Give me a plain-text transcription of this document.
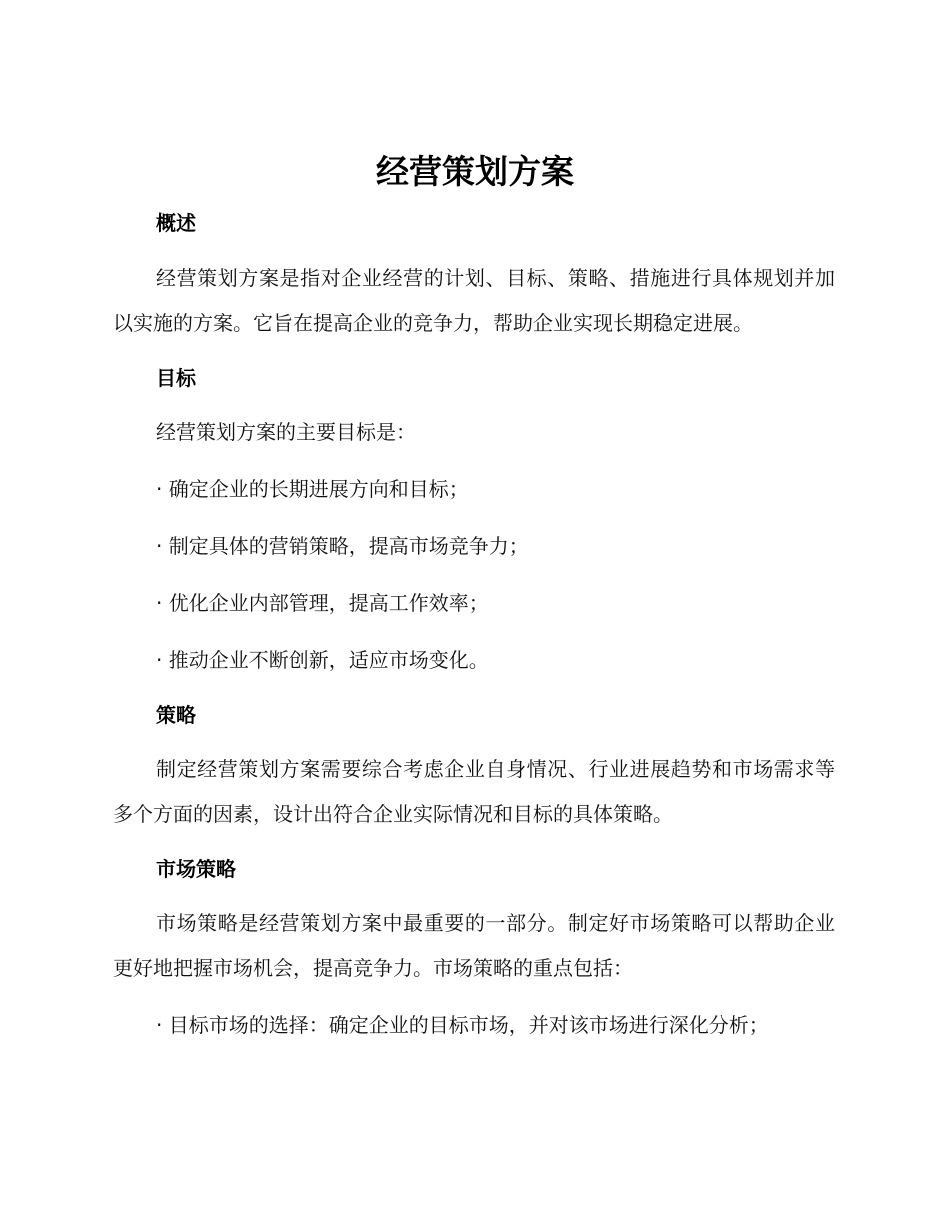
经营策划方案
概述

经营策划方案是指对企业经营的计划、目标、策略、措施进行具体规划并加以实施的方案。它旨在提高企业的竞争力，帮助企业实现长期稳定进展。

目标

经营策划方案的主要目标是：

· 确定企业的长期进展方向和目标；

· 制定具体的营销策略，提高市场竞争力；

· 优化企业内部管理，提高工作效率；

· 推动企业不断创新，适应市场变化。

策略

制定经营策划方案需要综合考虑企业自身情况、行业进展趋势和市场需求等多个方面的因素，设计出符合企业实际情况和目标的具体策略。

市场策略

市场策略是经营策划方案中最重要的一部分。制定好市场策略可以帮助企业更好地把握市场机会，提高竞争力。市场策略的重点包括：

· 目标市场的选择：确定企业的目标市场，并对该市场进行深化分析；
